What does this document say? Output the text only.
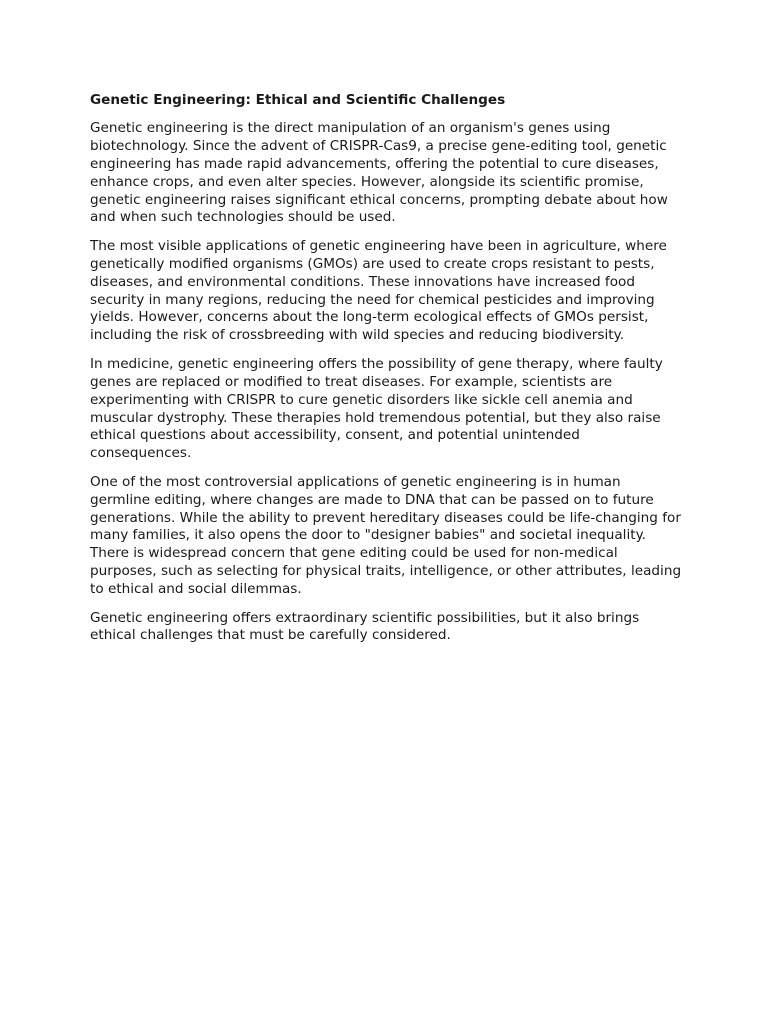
Genetic Engineering: Ethical and Scientific Challenges

Genetic engineering is the direct manipulation of an organism's genes using biotechnology. Since the advent of CRISPR-Cas9, a precise gene-editing tool, genetic engineering has made rapid advancements, offering the potential to cure diseases, enhance crops, and even alter species. However, alongside its scientific promise, genetic engineering raises significant ethical concerns, prompting debate about how and when such technologies should be used.

The most visible applications of genetic engineering have been in agriculture, where genetically modified organisms (GMOs) are used to create crops resistant to pests, diseases, and environmental conditions. These innovations have increased food security in many regions, reducing the need for chemical pesticides and improving yields. However, concerns about the long-term ecological effects of GMOs persist, including the risk of crossbreeding with wild species and reducing biodiversity.

In medicine, genetic engineering offers the possibility of gene therapy, where faulty genes are replaced or modified to treat diseases. For example, scientists are experimenting with CRISPR to cure genetic disorders like sickle cell anemia and muscular dystrophy. These therapies hold tremendous potential, but they also raise ethical questions about accessibility, consent, and potential unintended consequences.

One of the most controversial applications of genetic engineering is in human germline editing, where changes are made to DNA that can be passed on to future generations. While the ability to prevent hereditary diseases could be life-changing for many families, it also opens the door to "designer babies" and societal inequality. There is widespread concern that gene editing could be used for non-medical purposes, such as selecting for physical traits, intelligence, or other attributes, leading to ethical and social dilemmas.

Genetic engineering offers extraordinary scientific possibilities, but it also brings ethical challenges that must be carefully considered.
